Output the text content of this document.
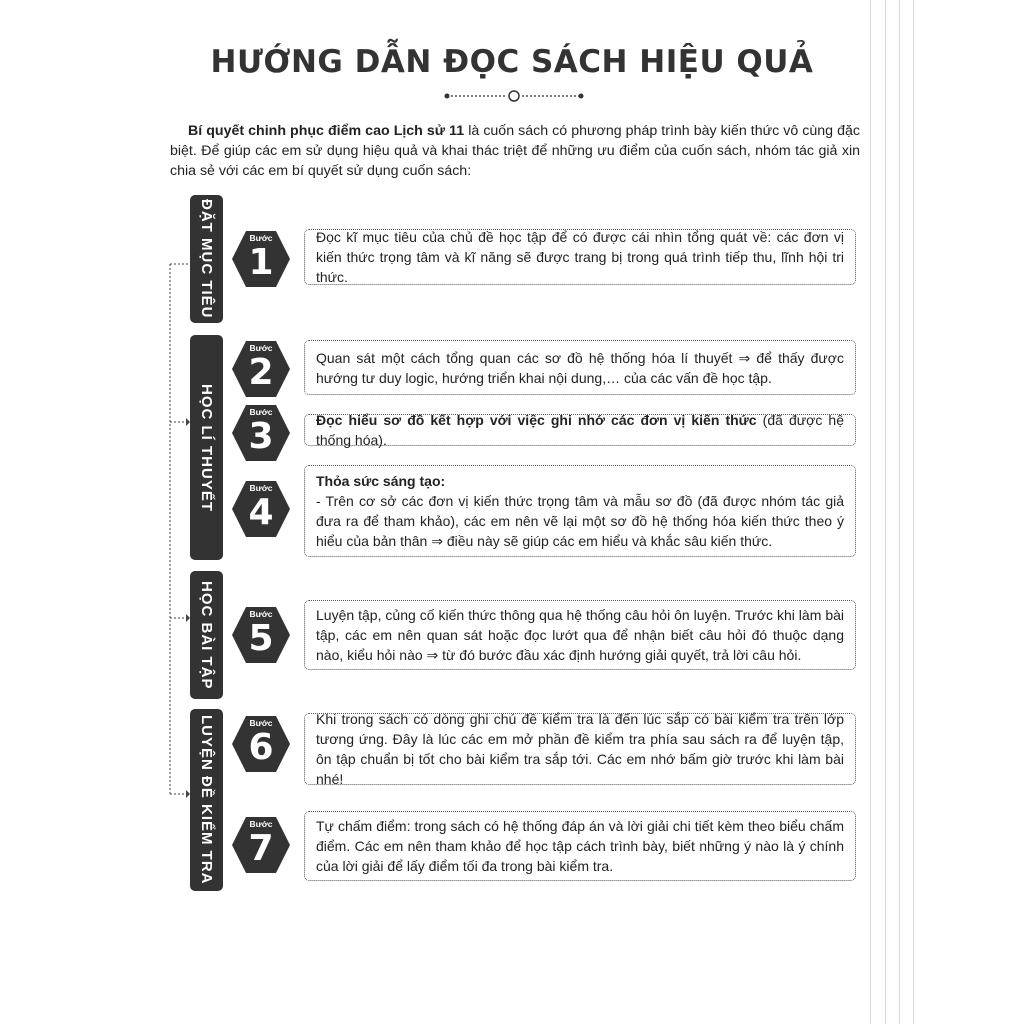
HƯỚNG DẪN ĐỌC SÁCH HIỆU QUẢ

Bí quyết chinh phục điểm cao Lịch sử 11 là cuốn sách có phương pháp trình bày kiến thức vô cùng đặc biệt. Để giúp các em sử dụng hiệu quả và khai thác triệt để những ưu điểm của cuốn sách, nhóm tác giả xin chia sẻ với các em bí quyết sử dụng cuốn sách:

ĐẶT MỤC TIÊU
HỌC LÍ THUYẾT
HỌC BÀI TẬP
LUYỆN ĐỀ KIỂM TRA
Bước
1
Bước
2
Bước
3
Bước
4
Bước
5
Bước
6
Bước
7
Đọc kĩ mục tiêu của chủ đề học tập để có được cái nhìn tổng quát về: các đơn vị kiến thức trọng tâm và kĩ năng sẽ được trang bị trong quá trình tiếp thu, lĩnh hội tri thức.
Quan sát một cách tổng quan các sơ đồ hệ thống hóa lí thuyết ⇒ để thấy được hướng tư duy logic, hướng triển khai nội dung,… của các vấn đề học tập.
Đọc hiểu sơ đồ kết hợp với việc ghi nhớ các đơn vị kiến thức (đã được hệ thống hóa).
Thỏa sức sáng tạo:
- Trên cơ sở các đơn vị kiến thức trọng tâm và mẫu sơ đồ (đã được nhóm tác giả đưa ra để tham khảo), các em nên vẽ lại một sơ đồ hệ thống hóa kiến thức theo ý hiểu của bản thân ⇒ điều này sẽ giúp các em hiểu và khắc sâu kiến thức.
Luyện tập, củng cố kiến thức thông qua hệ thống câu hỏi ôn luyện. Trước khi làm bài tập, các em nên quan sát hoặc đọc lướt qua để nhận biết câu hỏi đó thuộc dạng nào, kiểu hỏi nào ⇒ từ đó bước đầu xác định hướng giải quyết, trả lời câu hỏi.
Khi trong sách có dòng ghi chú đề kiểm tra là đến lúc sắp có bài kiểm tra trên lớp tương ứng. Đây là lúc các em mở phần đề kiểm tra phía sau sách ra để luyện tập, ôn tập chuẩn bị tốt cho bài kiểm tra sắp tới. Các em nhớ bấm giờ trước khi làm bài nhé!
Tự chấm điểm: trong sách có hệ thống đáp án và lời giải chi tiết kèm theo biểu chấm điểm. Các em nên tham khảo để học tập cách trình bày, biết những ý nào là ý chính của lời giải để lấy điểm tối đa trong bài kiểm tra.
